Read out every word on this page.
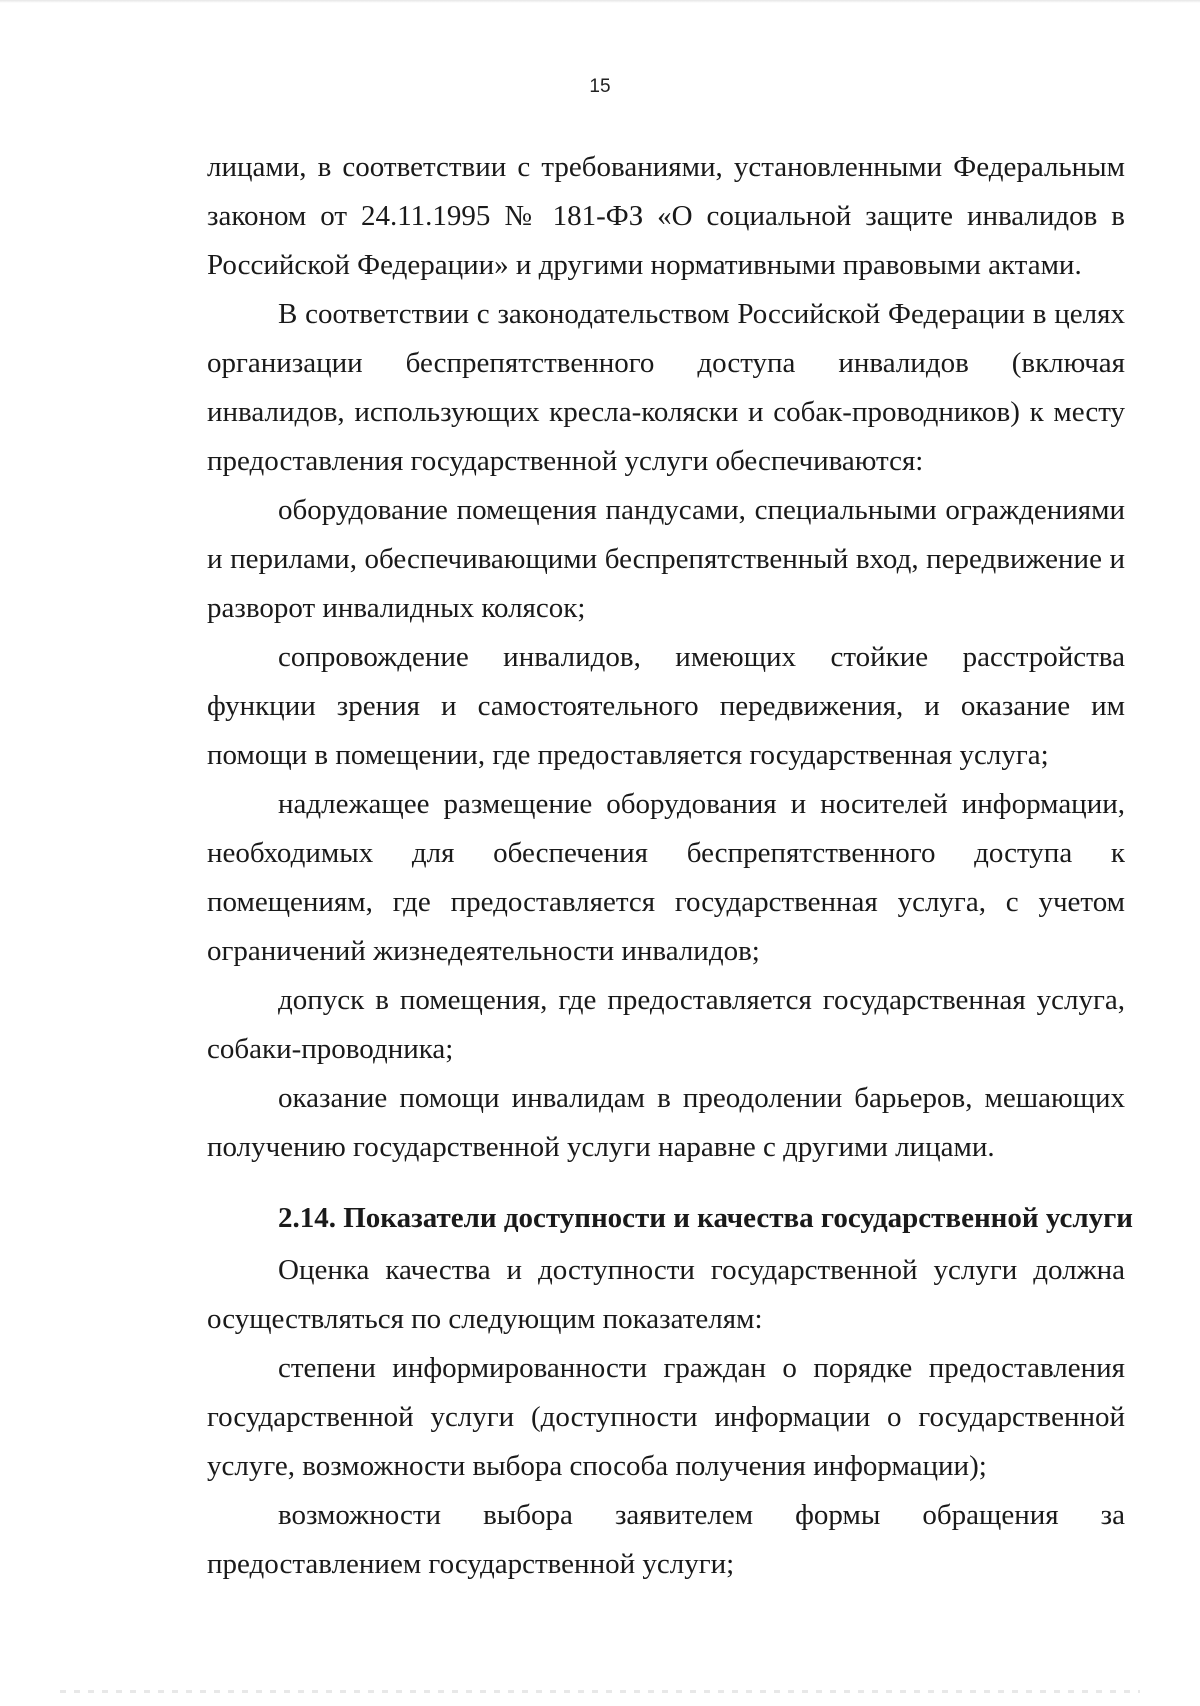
15

лицами, в соответствии с требованиями, установленными Федеральным законом от 24.11.1995 № 181-ФЗ «О социальной защите инвалидов в Российской Федерации» и другими нормативными правовыми актами.

В соответствии с законодательством Российской Федерации в целях организации беспрепятственного доступа инвалидов (включая инвалидов, использующих кресла-коляски и собак-проводников) к месту предоставления государственной услуги обеспечиваются:

оборудование помещения пандусами, специальными ограждениями и перилами, обеспечивающими беспрепятственный вход, передвижение и разворот инвалидных колясок;

сопровождение инвалидов, имеющих стойкие расстройства функции зрения и самостоятельного передвижения, и оказание им помощи в помещении, где предоставляется государственная услуга;

надлежащее размещение оборудования и носителей информации, необходимых для обеспечения беспрепятственного доступа к помещениям, где предоставляется государственная услуга, с учетом ограничений жизнедеятельности инвалидов;

допуск в помещения, где предоставляется государственная услуга, собаки-проводника;

оказание помощи инвалидам в преодолении барьеров, мешающих получению государственной услуги наравне с другими лицами.

2.14. Показатели доступности и качества государственной услуги

Оценка качества и доступности государственной услуги должна осуществляться по следующим показателям:

степени информированности граждан о порядке предоставления государственной услуги (доступности информации о государственной услуге, возможности выбора способа получения информации);

возможности выбора заявителем формы обращения за предоставлением государственной услуги;
